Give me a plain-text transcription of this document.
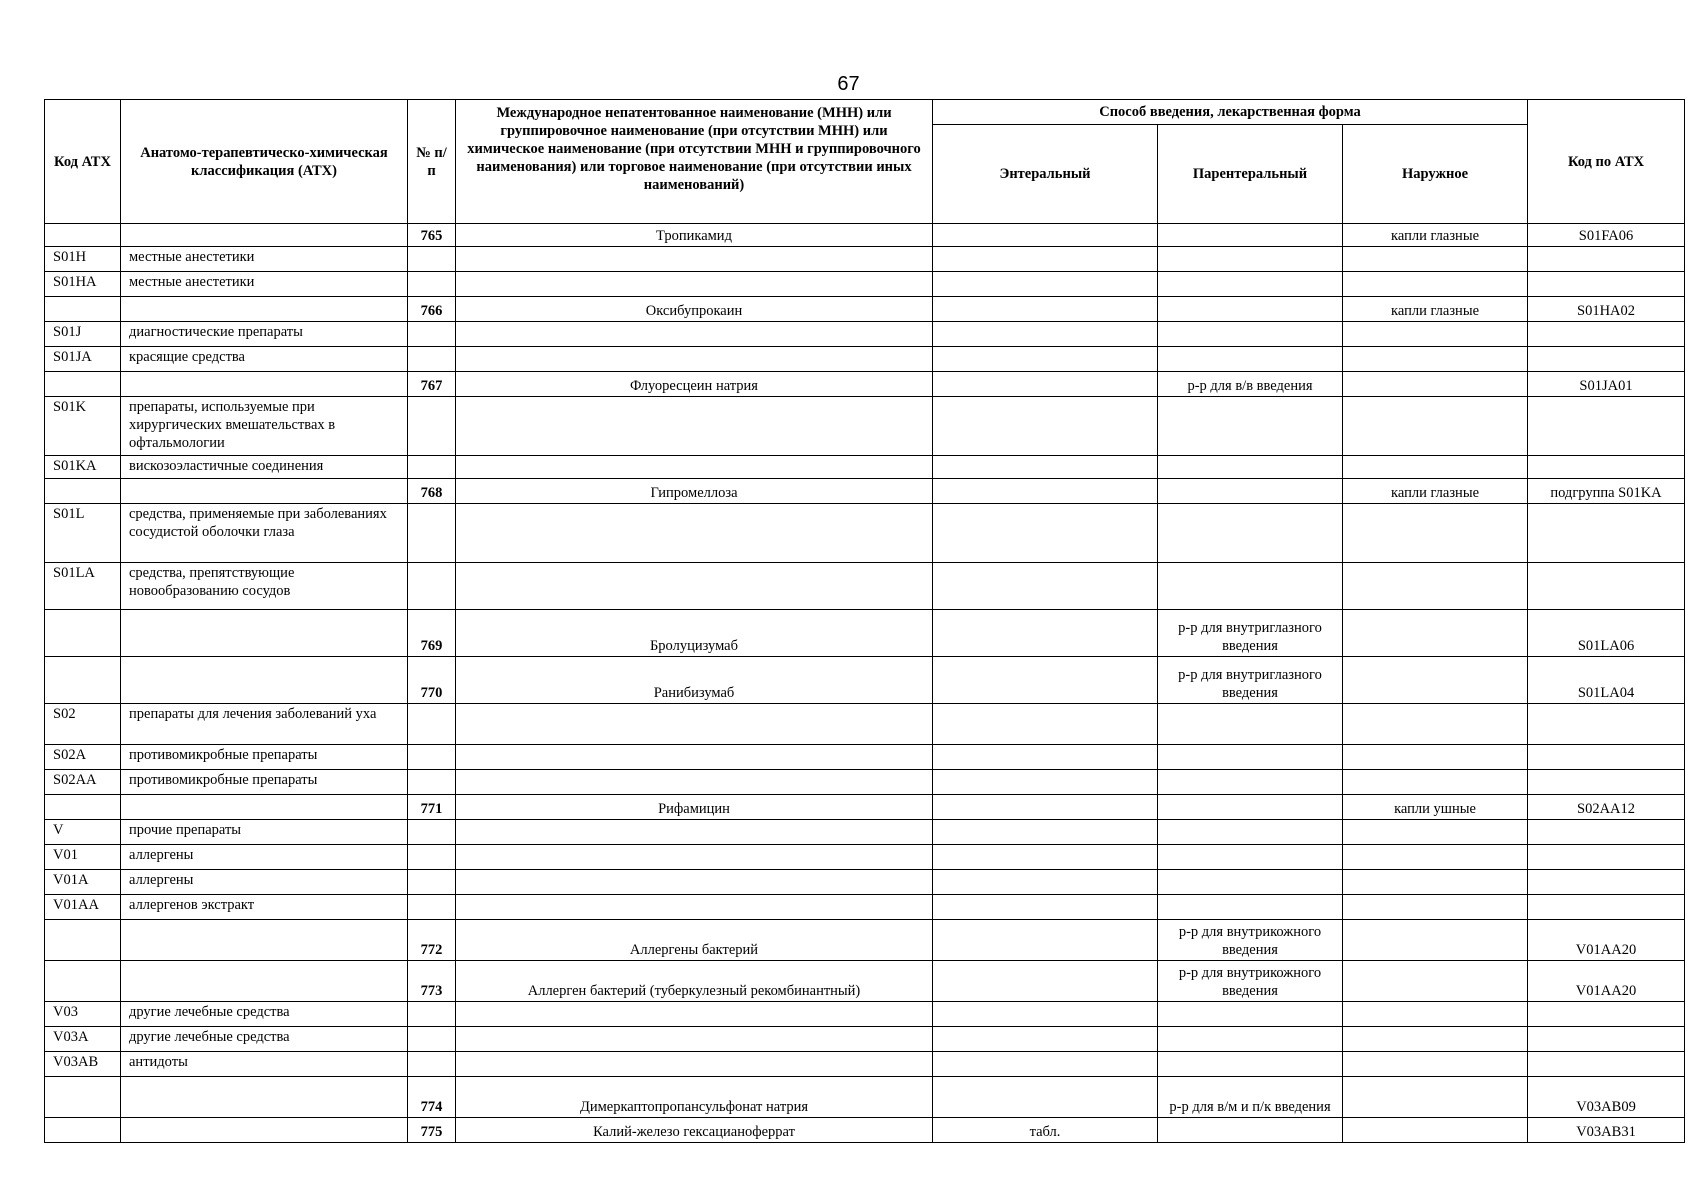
67
Код АТХ	Анатомо-терапевтическо-химическая классификация (АТХ)	№ п/п	Международное непатентованное наименование (МНН) или группировочное наименование (при отсутствии МНН) или химическое наименование (при отсутствии МНН и группировочного наименования) или торговое наименование (при отсутствии иных наименований)	Способ введения, лекарственная форма			Код по АТХ
				Энтеральный	Парентеральный	Наружное	
		765	Тропикамид			капли глазные	S01FA06
S01H	местные анестетики						
S01HA	местные анестетики						
		766	Оксибупрокаин			капли глазные	S01HA02
S01J	диагностические препараты						
S01JA	красящие средства						
		767	Флуоресцеин натрия		р-р для в/в введения		S01JA01
S01K	препараты, используемые при хирургических вмешательствах в офтальмологии						
S01KA	вискозоэластичные соединения						
		768	Гипромеллоза			капли глазные	подгруппа S01KA
S01L	средства, применяемые при заболеваниях сосудистой оболочки глаза						
S01LA	средства, препятствующие новообразованию сосудов						
		769	Бролуцизумаб		р-р для внутриглазного введения		S01LA06
		770	Ранибизумаб		р-р для внутриглазного введения		S01LA04
S02	препараты для лечения заболеваний уха						
S02A	противомикробные препараты						
S02AA	противомикробные препараты						
		771	Рифамицин			капли ушные	S02AA12
V	прочие препараты						
V01	аллергены						
V01A	аллергены						
V01AA	аллергенов экстракт						
		772	Аллергены бактерий		р-р для внутрикожного введения		V01AA20
		773	Аллерген бактерий (туберкулезный рекомбинантный)		р-р для внутрикожного введения		V01AA20
V03	другие лечебные средства						
V03A	другие лечебные средства						
V03AB	антидоты						
		774	Димеркаптопропансульфонат натрия		р-р для в/м и п/к введения		V03AB09
		775	Калий-железо гексацианоферрат	табл.			V03AB31
